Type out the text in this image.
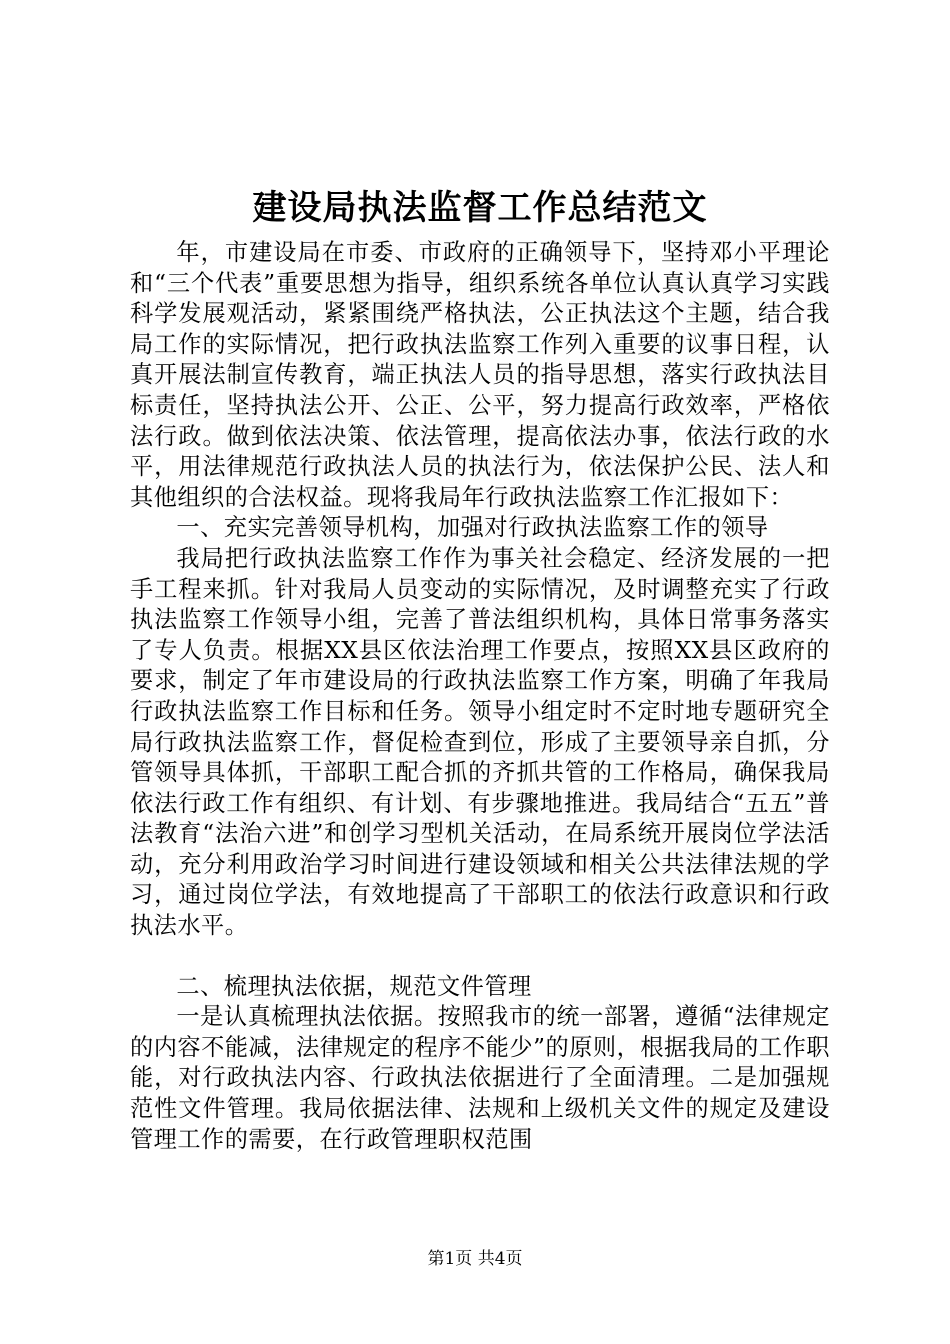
建设局执法监督工作总结范文

年，市建设局在市委、市政府的正确领导下，坚持邓小平理论和“三个代表”重要思想为指导，组织系统各单位认真认真学习实践科学发展观活动，紧紧围绕严格执法，公正执法这个主题，结合我局工作的实际情况，把行政执法监察工作列入重要的议事日程，认真开展法制宣传教育，端正执法人员的指导思想，落实行政执法目标责任，坚持执法公开、公正、公平，努力提高行政效率，严格依法行政。做到依法决策、依法管理，提高依法办事，依法行政的水平，用法律规范行政执法人员的执法行为，依法保护公民、法人和其他组织的合法权益。现将我局年行政执法监察工作汇报如下：

一、充实完善领导机构，加强对行政执法监察工作的领导

我局把行政执法监察工作作为事关社会稳定、经济发展的一把手工程来抓。针对我局人员变动的实际情况，及时调整充实了行政执法监察工作领导小组，完善了普法组织机构，具体日常事务落实了专人负责。根据XX县区依法治理工作要点，按照XX县区政府的要求，制定了年市建设局的行政执法监察工作方案，明确了年我局行政执法监察工作目标和任务。领导小组定时不定时地专题研究全局行政执法监察工作，督促检查到位，形成了主要领导亲自抓，分管领导具体抓，干部职工配合抓的齐抓共管的工作格局，确保我局依法行政工作有组织、有计划、有步骤地推进。我局结合“五五”普法教育“法治六进”和创学习型机关活动，在局系统开展岗位学法活动，充分利用政治学习时间进行建设领域和相关公共法律法规的学习，通过岗位学法，有效地提高了干部职工的依法行政意识和行政执法水平。

二、梳理执法依据，规范文件管理

一是认真梳理执法依据。按照我市的统一部署，遵循“法律规定的内容不能减，法律规定的程序不能少”的原则，根据我局的工作职能，对行政执法内容、行政执法依据进行了全面清理。二是加强规范性文件管理。我局依据法律、法规和上级机关文件的规定及建设管理工作的需要，在行政管理职权范围

第1页 共4页
